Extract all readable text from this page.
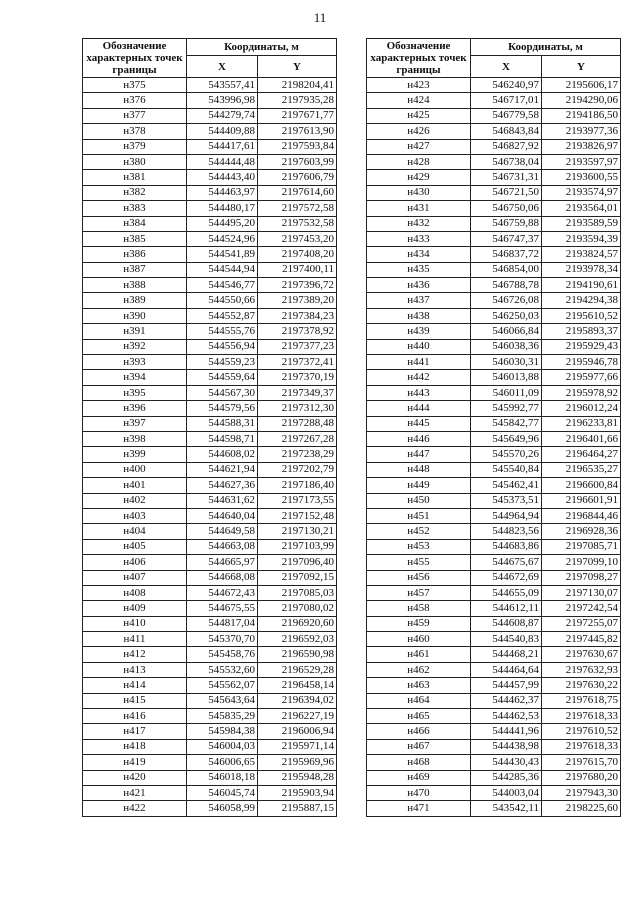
11
Обозначение характерных точек границы	Координаты, м	
	X	Y
н375	543557,41	2198204,41
н376	543996,98	2197935,28
н377	544279,74	2197671,77
н378	544409,88	2197613,90
н379	544417,61	2197593,84
н380	544444,48	2197603,99
н381	544443,40	2197606,79
н382	544463,97	2197614,60
н383	544480,17	2197572,58
н384	544495,20	2197532,58
н385	544524,96	2197453,20
н386	544541,89	2197408,20
н387	544544,94	2197400,11
н388	544546,77	2197396,72
н389	544550,66	2197389,20
н390	544552,87	2197384,23
н391	544555,76	2197378,92
н392	544556,94	2197377,23
н393	544559,23	2197372,41
н394	544559,64	2197370,19
н395	544567,30	2197349,37
н396	544579,56	2197312,30
н397	544588,31	2197288,48
н398	544598,71	2197267,28
н399	544608,02	2197238,29
н400	544621,94	2197202,79
н401	544627,36	2197186,40
н402	544631,62	2197173,55
н403	544640,04	2197152,48
н404	544649,58	2197130,21
н405	544663,08	2197103,99
н406	544665,97	2197096,40
н407	544668,08	2197092,15
н408	544672,43	2197085,03
н409	544675,55	2197080,02
н410	544817,04	2196920,60
н411	545370,70	2196592,03
н412	545458,76	2196590,98
н413	545532,60	2196529,28
н414	545562,07	2196458,14
н415	545643,64	2196394,02
н416	545835,29	2196227,19
н417	545984,38	2196006,94
н418	546004,03	2195971,14
н419	546006,65	2195969,96
н420	546018,18	2195948,28
н421	546045,74	2195903,94
н422	546058,99	2195887,15
Обозначение характерных точек границы	Координаты, м	
	X	Y
н423	546240,97	2195606,17
н424	546717,01	2194290,06
н425	546779,58	2194186,50
н426	546843,84	2193977,36
н427	546827,92	2193826,97
н428	546738,04	2193597,97
н429	546731,31	2193600,55
н430	546721,50	2193574,97
н431	546750,06	2193564,01
н432	546759,88	2193589,59
н433	546747,37	2193594,39
н434	546837,72	2193824,57
н435	546854,00	2193978,34
н436	546788,78	2194190,61
н437	546726,08	2194294,38
н438	546250,03	2195610,52
н439	546066,84	2195893,37
н440	546038,36	2195929,43
н441	546030,31	2195946,78
н442	546013,88	2195977,66
н443	546011,09	2195978,92
н444	545992,77	2196012,24
н445	545842,77	2196233,81
н446	545649,96	2196401,66
н447	545570,26	2196464,27
н448	545540,84	2196535,27
н449	545462,41	2196600,84
н450	545373,51	2196601,91
н451	544964,94	2196844,46
н452	544823,56	2196928,36
н453	544683,86	2197085,71
н455	544675,67	2197099,10
н456	544672,69	2197098,27
н457	544655,09	2197130,07
н458	544612,11	2197242,54
н459	544608,87	2197255,07
н460	544540,83	2197445,82
н461	544468,21	2197630,67
н462	544464,64	2197632,93
н463	544457,99	2197630,22
н464	544462,37	2197618,75
н465	544462,53	2197618,33
н466	544441,96	2197610,52
н467	544438,98	2197618,33
н468	544430,43	2197615,70
н469	544285,36	2197680,20
н470	544003,04	2197943,30
н471	543542,11	2198225,60
